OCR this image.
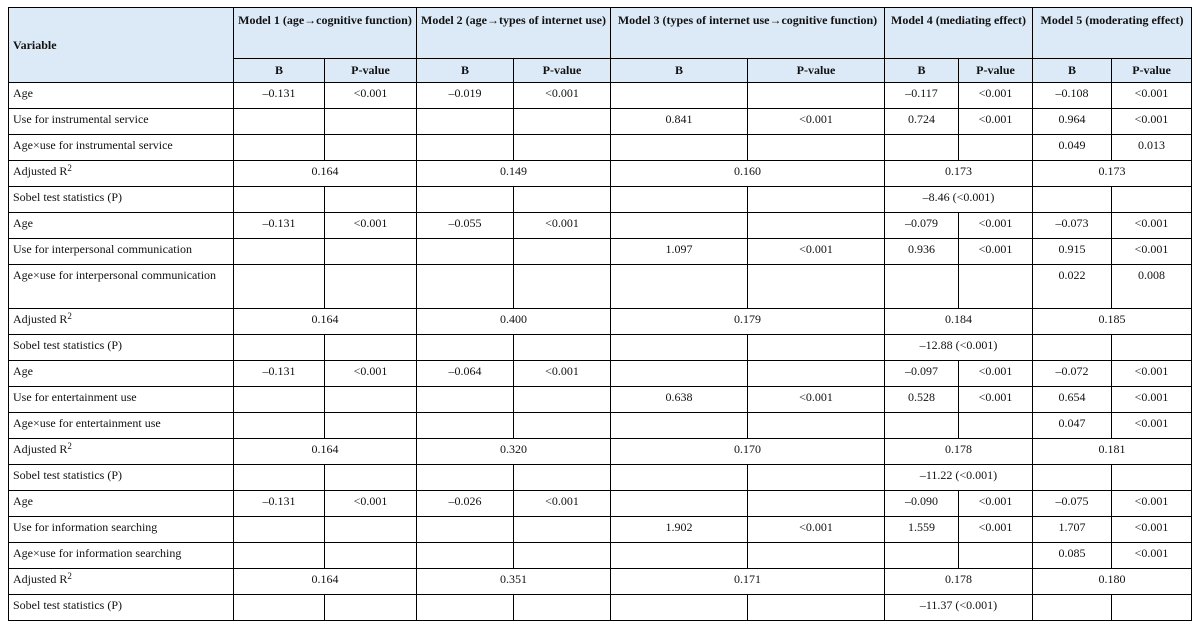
Variable	Model 1 (age→cognitive function)		Model 2 (age→types of internet use)		Model 3 (types of internet use→cognitive function)		Model 4 (mediating effect)		Model 5 (moderating effect)	
	B	P-value	B	P-value	B	P-value	B	P-value	B	P-value
Age	–0.131	<0.001	–0.019	<0.001			–0.117	<0.001	–0.108	<0.001
Use for instrumental service					0.841	<0.001	0.724	<0.001	0.964	<0.001
Age×use for instrumental service									0.049	0.013
Adjusted $R^2$	0.164		0.149		0.160		0.173		0.173	
Sobel test statistics (P)							–8.46 (<0.001)			
Age	–0.131	<0.001	–0.055	<0.001			–0.079	<0.001	–0.073	<0.001
Use for interpersonal communication					1.097	<0.001	0.936	<0.001	0.915	<0.001
Age×use for interpersonal communication									0.022	0.008
Adjusted $R^2$	0.164		0.400		0.179		0.184		0.185	
Sobel test statistics (P)							–12.88 (<0.001)			
Age	–0.131	<0.001	–0.064	<0.001			–0.097	<0.001	–0.072	<0.001
Use for entertainment use					0.638	<0.001	0.528	<0.001	0.654	<0.001
Age×use for entertainment use									0.047	<0.001
Adjusted $R^2$	0.164		0.320		0.170		0.178		0.181	
Sobel test statistics (P)							–11.22 (<0.001)			
Age	–0.131	<0.001	–0.026	<0.001			–0.090	<0.001	–0.075	<0.001
Use for information searching					1.902	<0.001	1.559	<0.001	1.707	<0.001
Age×use for information searching									0.085	<0.001
Adjusted $R^2$	0.164		0.351		0.171		0.178		0.180	
Sobel test statistics (P)							–11.37 (<0.001)			
